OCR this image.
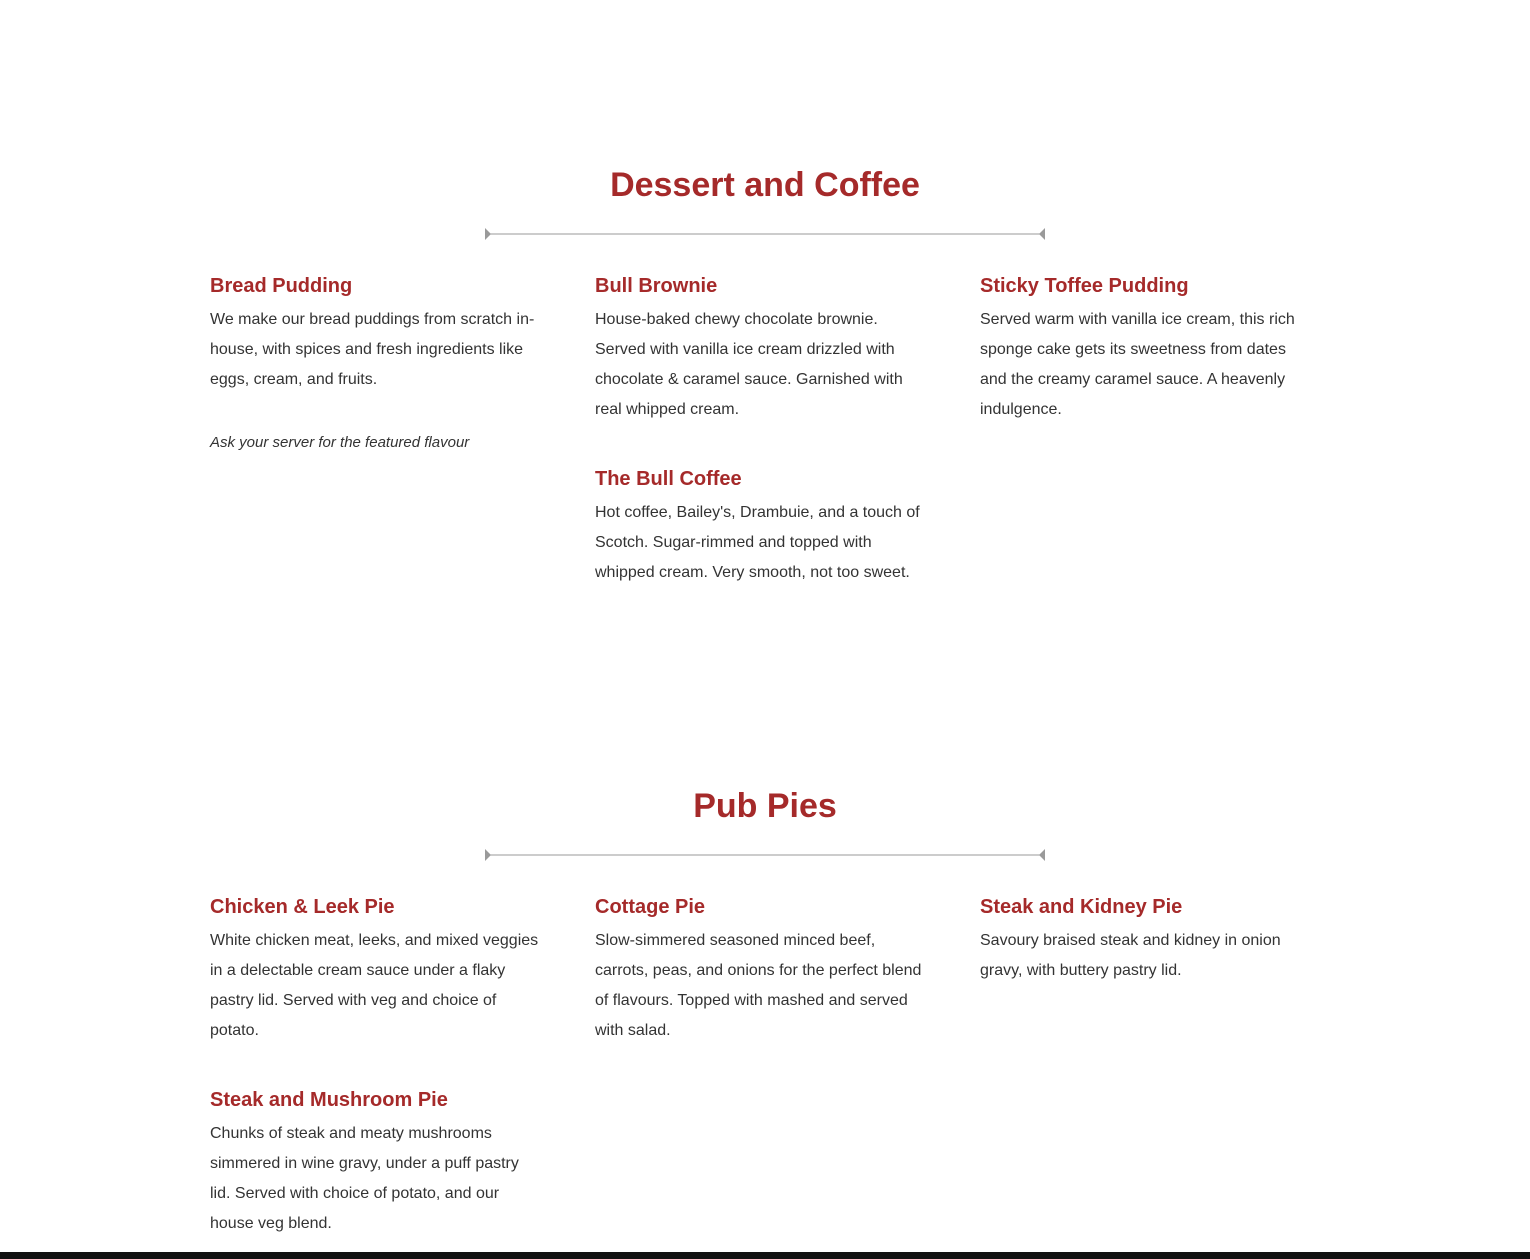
Dessert and Coffee
Bread Pudding

We make our bread puddings from scratch in-house, with spices and fresh ingredients like eggs, cream, and fruits.

Ask your server for the featured flavour

Bull Brownie

House-baked chewy chocolate brownie. Served with vanilla ice cream drizzled with chocolate & caramel sauce. Garnished with real whipped cream.

Sticky Toffee Pudding

Served warm with vanilla ice cream, this rich sponge cake gets its sweetness from dates and the creamy caramel sauce. A heavenly indulgence.

The Bull Coffee

Hot coffee, Bailey's, Drambuie, and a touch of Scotch. Sugar-rimmed and topped with whipped cream. Very smooth, not too sweet.

Pub Pies
Chicken & Leek Pie

White chicken meat, leeks, and mixed veggies in a delectable cream sauce under a flaky pastry lid. Served with veg and choice of potato.

Cottage Pie

Slow-simmered seasoned minced beef, carrots, peas, and onions for the perfect blend of flavours. Topped with mashed and served with salad.

Steak and Kidney Pie

Savoury braised steak and kidney in onion gravy, with buttery pastry lid.

Steak and Mushroom Pie

Chunks of steak and meaty mushrooms simmered in wine gravy, under a puff pastry lid. Served with choice of potato, and our house veg blend.
